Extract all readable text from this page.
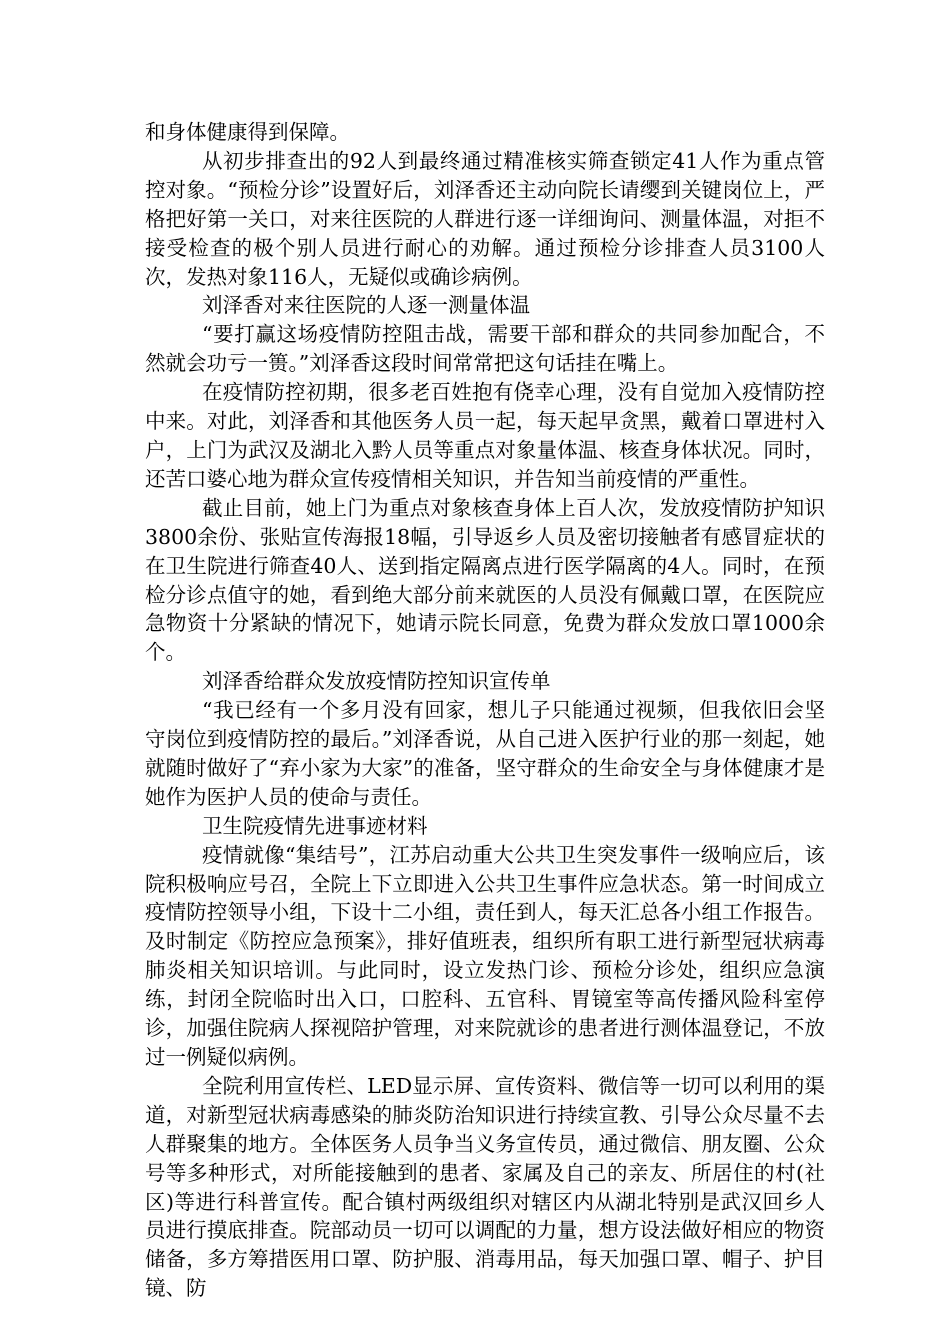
和身体健康得到保障。

从初步排查出的92人到最终通过精准核实筛查锁定41人作为重点管控对象。“预检分诊”设置好后，刘泽香还主动向院长请缨到关键岗位上，严格把好第一关口，对来往医院的人群进行逐一详细询问、测量体温，对拒不接受检查的极个别人员进行耐心的劝解。通过预检分诊排查人员3100人次，发热对象116人，无疑似或确诊病例。

刘泽香对来往医院的人逐一测量体温

“要打赢这场疫情防控阻击战，需要干部和群众的共同参加配合，不然就会功亏一篑。”刘泽香这段时间常常把这句话挂在嘴上。

在疫情防控初期，很多老百姓抱有侥幸心理，没有自觉加入疫情防控中来。对此，刘泽香和其他医务人员一起，每天起早贪黑，戴着口罩进村入户，上门为武汉及湖北入黔人员等重点对象量体温、核查身体状况。同时，还苦口婆心地为群众宣传疫情相关知识，并告知当前疫情的严重性。

截止目前，她上门为重点对象核查身体上百人次，发放疫情防护知识3800余份、张贴宣传海报18幅，引导返乡人员及密切接触者有感冒症状的在卫生院进行筛查40人、送到指定隔离点进行医学隔离的4人。同时，在预检分诊点值守的她，看到绝大部分前来就医的人员没有佩戴口罩，在医院应急物资十分紧缺的情况下，她请示院长同意，免费为群众发放口罩1000余个。

刘泽香给群众发放疫情防控知识宣传单

“我已经有一个多月没有回家，想儿子只能通过视频，但我依旧会坚守岗位到疫情防控的最后。”刘泽香说，从自己进入医护行业的那一刻起，她就随时做好了“弃小家为大家”的准备，坚守群众的生命安全与身体健康才是她作为医护人员的使命与责任。

卫生院疫情先进事迹材料

疫情就像“集结号”，江苏启动重大公共卫生突发事件一级响应后，该院积极响应号召，全院上下立即进入公共卫生事件应急状态。第一时间成立疫情防控领导小组，下设十二小组，责任到人，每天汇总各小组工作报告。及时制定《防控应急预案》，排好值班表，组织所有职工进行新型冠状病毒肺炎相关知识培训。与此同时，设立发热门诊、预检分诊处，组织应急演练，封闭全院临时出入口，口腔科、五官科、胃镜室等高传播风险科室停诊，加强住院病人探视陪护管理，对来院就诊的患者进行测体温登记，不放过一例疑似病例。

全院利用宣传栏、LED显示屏、宣传资料、微信等一切可以利用的渠道，对新型冠状病毒感染的肺炎防治知识进行持续宣教、引导公众尽量不去人群聚集的地方。全体医务人员争当义务宣传员，通过微信、朋友圈、公众号等多种形式，对所能接触到的患者、家属及自己的亲友、所居住的村(社区)等进行科普宣传。配合镇村两级组织对辖区内从湖北特别是武汉回乡人员进行摸底排查。院部动员一切可以调配的力量，想方设法做好相应的物资储备，多方筹措医用口罩、防护服、消毒用品，每天加强口罩、帽子、护目镜、防
